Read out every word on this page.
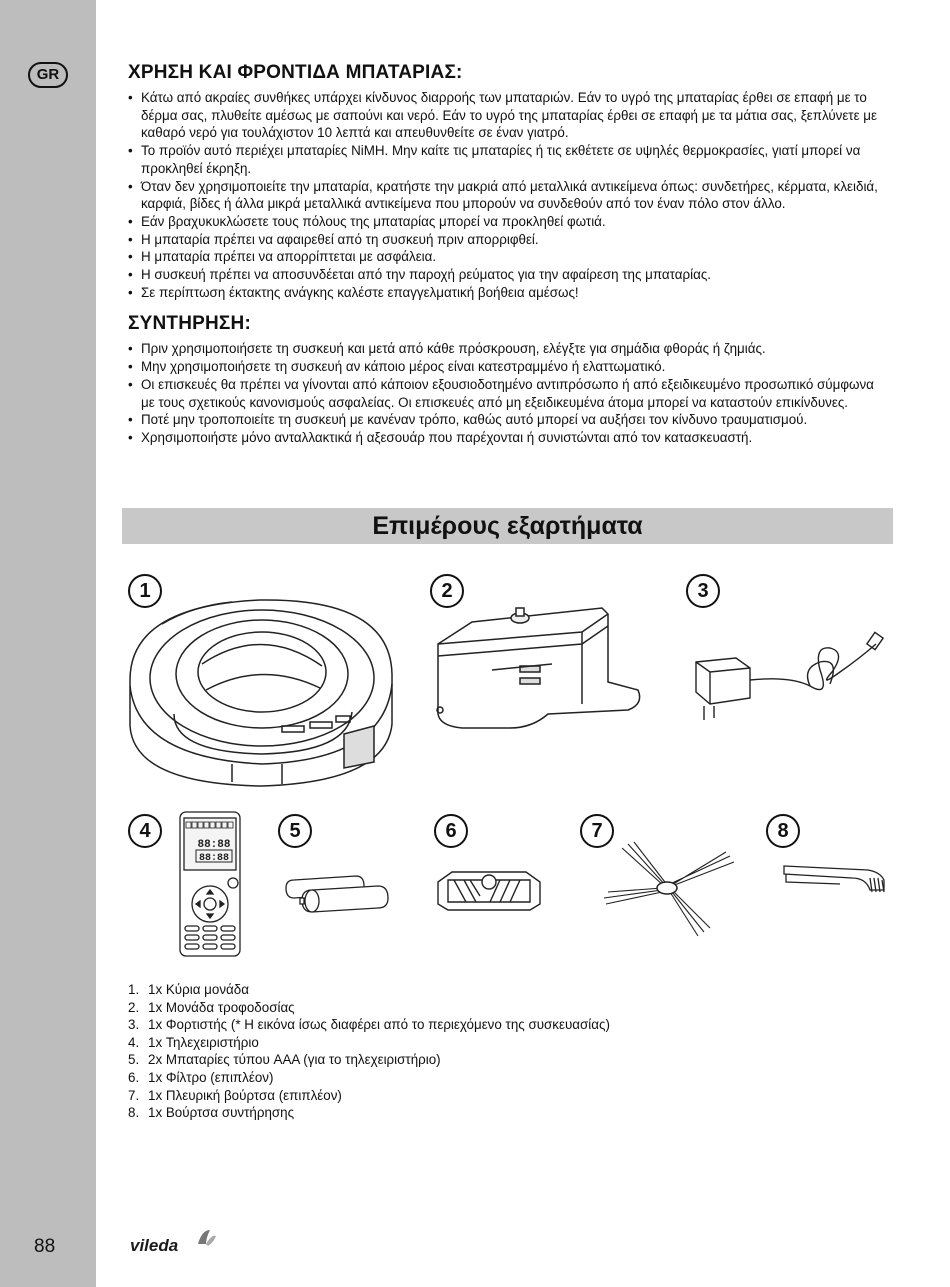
GR
88
ΧΡΗΣΗ ΚΑΙ ΦΡΟΝΤΙΔΑ ΜΠΑΤΑΡΙΑΣ:
• Κάτω από ακραίες συνθήκες υπάρχει κίνδυνος διαρροής των μπαταριών. Εάν το υγρό της μπαταρίας έρθει σε επαφή με το δέρμα σας, πλυθείτε αμέσως με σαπούνι και νερό. Εάν το υγρό της μπαταρίας έρθει σε επαφή με τα μάτια σας, ξεπλύνετε με καθαρό νερό για τουλάχιστον 10 λεπτά και απευθυνθείτε σε έναν γιατρό.
• Το προϊόν αυτό περιέχει μπαταρίες NiMH. Μην καίτε τις μπαταρίες ή τις εκθέτετε σε υψηλές θερμοκρασίες, γιατί μπορεί να προκληθεί έκρηξη.
• Όταν δεν χρησιμοποιείτε την μπαταρία, κρατήστε την μακριά από μεταλλικά αντικείμενα όπως: συνδετήρες, κέρματα, κλειδιά, καρφιά, βίδες ή άλλα μικρά μεταλλικά αντικείμενα που μπορούν να συνδεθούν από τον έναν πόλο στον άλλο.
• Εάν βραχυκυκλώσετε τους πόλους της μπαταρίας μπορεί να προκληθεί φωτιά.
• Η μπαταρία πρέπει να αφαιρεθεί από τη συσκευή πριν απορριφθεί.
• Η μπαταρία πρέπει να απορρίπτεται με ασφάλεια.
• Η συσκευή πρέπει να αποσυνδέεται από την παροχή ρεύματος για την αφαίρεση της μπαταρίας.
• Σε περίπτωση έκτακτης ανάγκης καλέστε επαγγελματική βοήθεια αμέσως!
ΣΥΝΤΗΡΗΣΗ:
• Πριν χρησιμοποιήσετε τη συσκευή και μετά από κάθε πρόσκρουση, ελέγξτε για σημάδια φθοράς ή ζημιάς.
• Μην χρησιμοποιήσετε τη συσκευή αν κάποιο μέρος είναι κατεστραμμένο ή ελαττωματικό.
• Οι επισκευές θα πρέπει να γίνονται από κάποιον εξουσιοδοτημένο αντιπρόσωπο ή από εξειδικευμένο προσωπικό σύμφωνα με τους σχετικούς κανονισμούς ασφαλείας. Οι επισκευές από μη εξειδικευμένα άτομα μπορεί να καταστούν επικίνδυνες.
• Ποτέ μην τροποποιείτε τη συσκευή με κανέναν τρόπο, καθώς αυτό μπορεί να αυξήσει τον κίνδυνο τραυματισμού.
• Χρησιμοποιήστε μόνο ανταλλακτικά ή αξεσουάρ που παρέχονται ή συνιστώνται από τον κατασκευαστή.
Επιμέρους εξαρτήματα
1	2	3
4	5	6	7	8
88:88
88:88
1. 1x Κύρια μονάδα
2. 1x Μονάδα τροφοδοσίας
3. 1x Φορτιστής (* Η εικόνα ίσως διαφέρει από το περιεχόμενο της συσκευασίας)
4. 1x Τηλεχειριστήριο
5. 2x Μπαταρίες τύπου AAA (για το τηλεχειριστήριο)
6. 1x Φίλτρο (επιπλέον)
7. 1x Πλευρική βούρτσα (επιπλέον)
8. 1x Βούρτσα συντήρησης
vileda
